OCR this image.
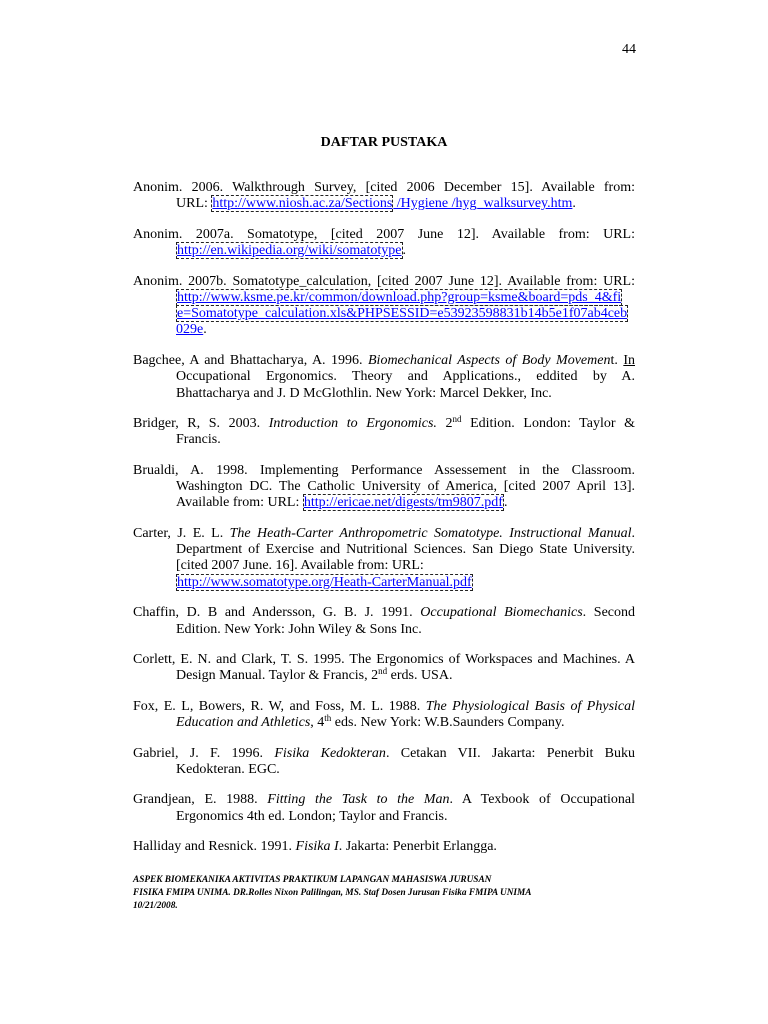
44
DAFTAR PUSTAKA
Anonim. 2006. Walkthrough Survey, [cited 2006 December 15]. Available from:
URL: http://www.niosh.ac.za/Sections /Hygiene /hyg_walksurvey.htm.
Anonim. 2007a. Somatotype, [cited 2007 June 12]. Available from: URL:
http://en.wikipedia.org/wiki/somatotype.
Anonim. 2007b. Somatotype_calculation, [cited 2007 June 12]. Available from: URL:
http://www.ksme.pe.kr/common/download.php?group=ksme&board=pds_4&fi
e=Somatotype_calculation.xls&PHPSESSID=e53923598831b14b5e1f07ab4ceb
029e.
Bagchee, A and Bhattacharya, A. 1996. Biomechanical Aspects of Body Movement. In
Occupational Ergonomics. Theory and Applications., eddited by A.
Bhattacharya and J. D McGlothlin. New York: Marcel Dekker, Inc.
Bridger, R, S. 2003. Introduction to Ergonomics. 2nd Edition. London: Taylor &
Francis.
Brualdi, A. 1998. Implementing Performance Assessement in the Classroom.
Washington DC. The Catholic University of America, [cited 2007 April 13].
Available from: URL: http://ericae.net/digests/tm9807.pdf.
Carter, J. E. L. The Heath-Carter Anthropometric Somatotype. Instructional Manual.
Department of Exercise and Nutritional Sciences. San Diego State University.
[cited 2007 June. 16]. Available from: URL:
http://www.somatotype.org/Heath-CarterManual.pdf
Chaffin, D. B and Andersson, G. B. J. 1991. Occupational Biomechanics. Second
Edition. New York: John Wiley & Sons Inc.
Corlett, E. N. and Clark, T. S. 1995. The Ergonomics of Workspaces and Machines. A
Design Manual. Taylor & Francis, 2nd erds. USA.
Fox, E. L, Bowers, R. W, and Foss, M. L. 1988. The Physiological Basis of Physical
Education and Athletics, 4th eds. New York: W.B.Saunders Company.
Gabriel, J. F. 1996. Fisika Kedokteran. Cetakan VII. Jakarta: Penerbit Buku
Kedokteran. EGC.
Grandjean, E. 1988. Fitting the Task to the Man. A Texbook of Occupational
Ergonomics 4th ed. London; Taylor and Francis.
Halliday and Resnick. 1991. Fisika I. Jakarta: Penerbit Erlangga.
ASPEK BIOMEKANIKA AKTIVITAS PRAKTIKUM LAPANGAN MAHASISWA JURUSAN
FISIKA FMIPA UNIMA. DR.Rolles Nixon Palilingan, MS. Staf Dosen Jurusan Fisika FMIPA UNIMA
10/21/2008.
